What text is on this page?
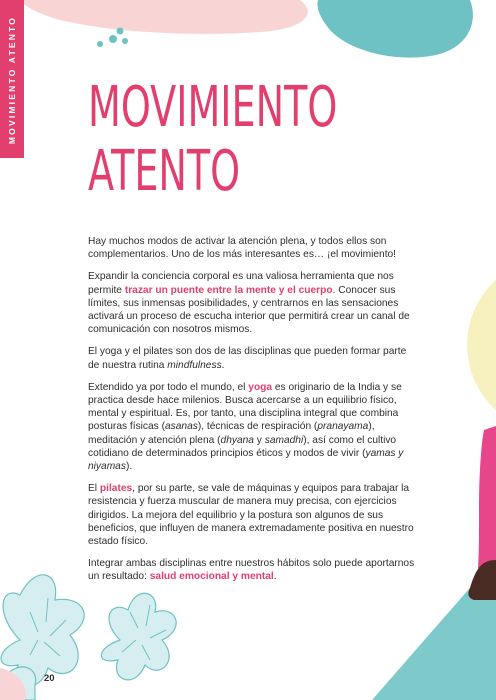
MOVIMIENTO ATENTO MOVIMIENTO
ATENTO

Hay muchos modos de activar la atención plena, y todos ellos son complementarios. Uno de los más interesantes es… ¡el movimiento!

Expandir la conciencia corporal es una valiosa herramienta que nos permite trazar un puente entre la mente y el cuerpo. Conocer sus límites, sus inmensas posibilidades, y centrarnos en las sensaciones activará un proceso de escucha interior que permitirá crear un canal de comunicación con nosotros mismos.

El yoga y el pilates son dos de las disciplinas que pueden formar parte de nuestra rutina mindfulness.

Extendido ya por todo el mundo, el yoga es originario de la India y se practica desde hace milenios. Busca acercarse a un equilibrio físico, mental y espiritual. Es, por tanto, una disciplina integral que combina posturas físicas (asanas), técnicas de respiración (pranayama), meditación y atención plena (dhyana y samadhi), así como el cultivo cotidiano de determinados principios éticos y modos de vivir (yamas y niyamas).

El pilates, por su parte, se vale de máquinas y equipos para trabajar la resistencia y fuerza muscular de manera muy precisa, con ejercicios dirigidos. La mejora del equilibrio y la postura son algunos de sus beneficios, que influyen de manera extremadamente positiva en nuestro estado físico.

Integrar ambas disciplinas entre nuestros hábitos solo puede aportarnos un resultado: salud emocional y mental.

20
